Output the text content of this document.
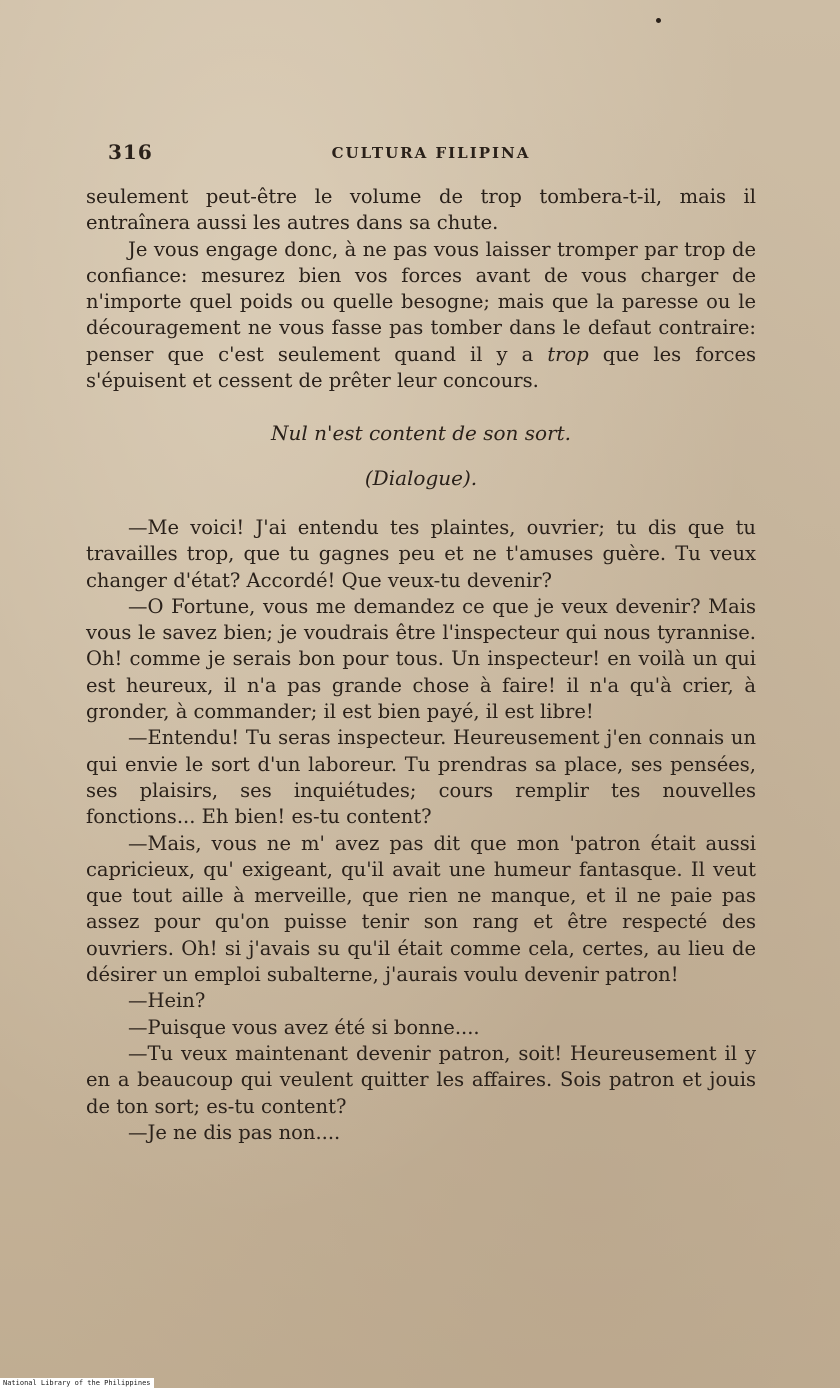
316	CULTURA FILIPINA

seulement peut-être le volume de trop tombera-t-il, mais il entraînera aussi les autres dans sa chute.

Je vous engage donc, à ne pas vous laisser tromper par trop de confiance: mesurez bien vos forces avant de vous charger de n'importe quel poids ou quelle besogne; mais que la paresse ou le découragement ne vous fasse pas tomber dans le defaut contraire: penser que c'est seulement quand il y a trop que les forces s'épuisent et cessent de prêter leur concours.

Nul n'est content de son sort.

(Dialogue).

—Me voici! J'ai entendu tes plaintes, ouvrier; tu dis que tu travailles trop, que tu gagnes peu et ne t'amuses guère. Tu veux changer d'état? Accordé! Que veux-tu devenir?

—O Fortune, vous me demandez ce que je veux devenir? Mais vous le savez bien; je voudrais être l'inspecteur qui nous tyrannise. Oh! comme je serais bon pour tous. Un inspecteur! en voilà un qui est heureux, il n'a pas grande chose à faire! il n'a qu'à crier, à gronder, à commander; il est bien payé, il est libre!

—Entendu! Tu seras inspecteur. Heureusement j'en connais un qui envie le sort d'un laboreur. Tu prendras sa place, ses pensées, ses plaisirs, ses inquiétudes; cours remplir tes nouvelles fonctions... Eh bien! es-tu content?

—Mais, vous ne m' avez pas dit que mon 'patron était aussi capricieux, qu' exigeant, qu'il avait une humeur fantasque. Il veut que tout aille à merveille, que rien ne manque, et il ne paie pas assez pour qu'on puisse tenir son rang et être respecté des ouvriers. Oh! si j'avais su qu'il était comme cela, certes, au lieu de désirer un emploi subalterne, j'aurais voulu devenir patron!

—Hein?

—Puisque vous avez été si bonne....

—Tu veux maintenant devenir patron, soit! Heureusement il y en a beaucoup qui veulent quitter les affaires. Sois patron et jouis de ton sort; es-tu content?

—Je ne dis pas non....

National Library of the Philippines
